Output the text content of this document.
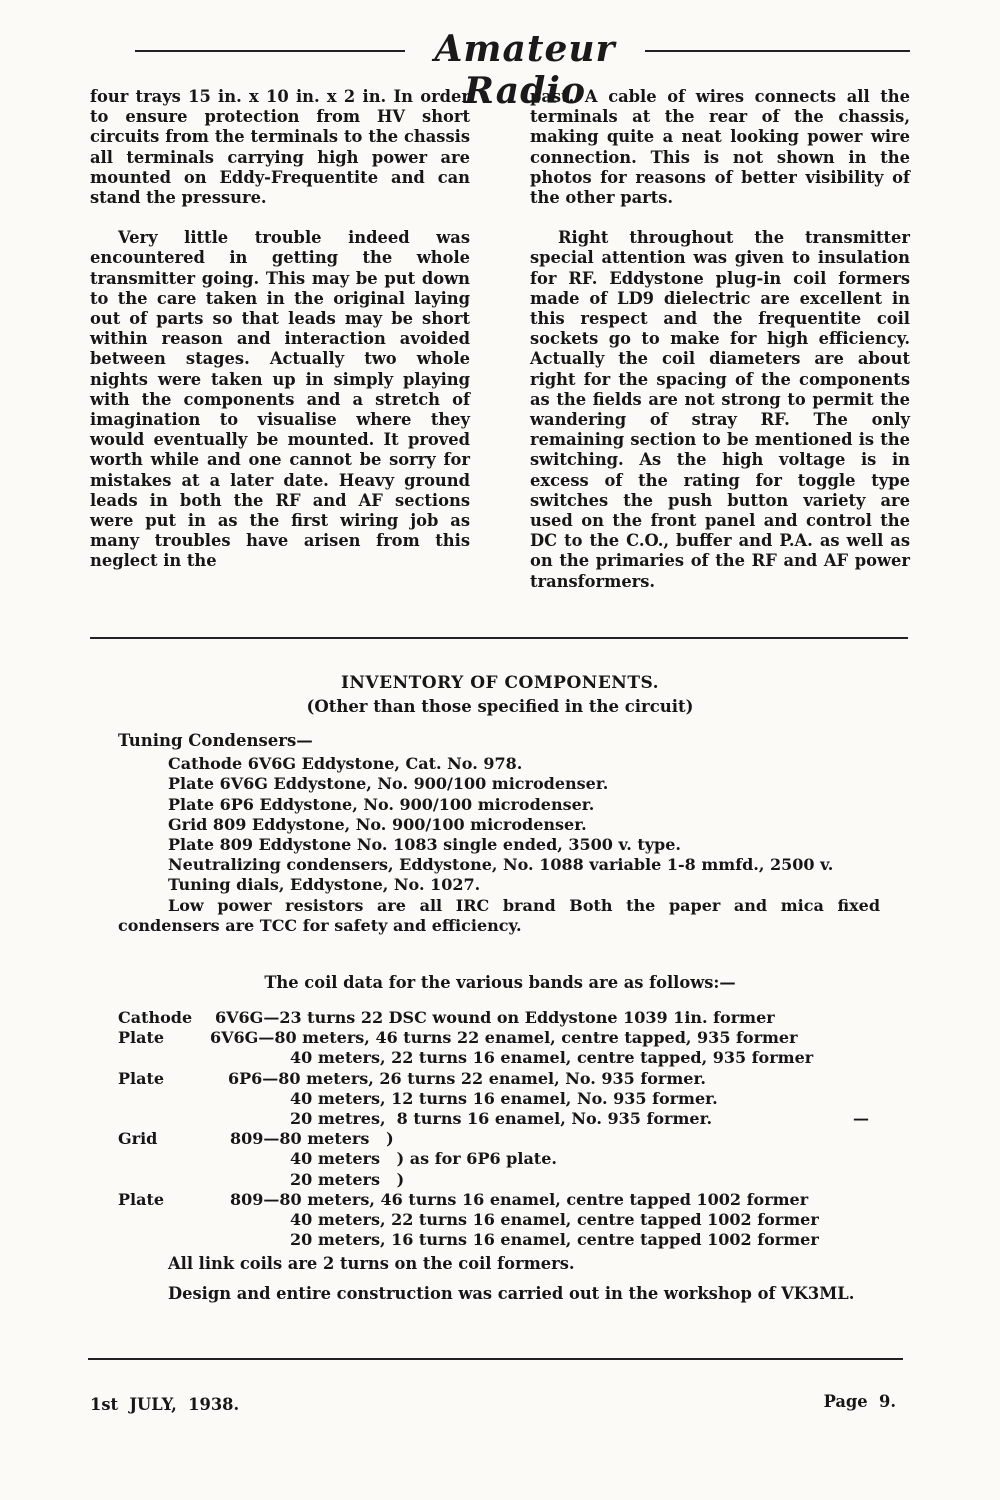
Amateur Radio

four trays 15 in. x 10 in. x 2 in. In order to ensure protection from HV short circuits from the terminals to the chassis all terminals carrying high power are mounted on Eddy-Frequentite and can stand the pressure.

Very little trouble indeed was encountered in getting the whole transmitter going. This may be put down to the care taken in the original laying out of parts so that leads may be short within reason and interaction avoided between stages. Actually two whole nights were taken up in simply playing with the components and a stretch of imagination to visualise where they would eventually be mounted. It proved worth while and one cannot be sorry for mistakes at a later date. Heavy ground leads in both the RF and AF sections were put in as the first wiring job as many troubles have arisen from this neglect in the

past. A cable of wires connects all the terminals at the rear of the chassis, making quite a neat looking power wire connection. This is not shown in the photos for reasons of better visibility of the other parts.

Right throughout the transmitter special attention was given to insulation for RF. Eddystone plug-in coil formers made of LD9 dielectric are excellent in this respect and the frequentite coil sockets go to make for high efficiency. Actually the coil diameters are about right for the spacing of the components as the fields are not strong to permit the wandering of stray RF. The only remaining section to be mentioned is the switching. As the high voltage is in excess of the rating for toggle type switches the push button variety are used on the front panel and control the DC to the C.O., buffer and P.A. as well as on the primaries of the RF and AF power transformers.

INVENTORY OF COMPONENTS.
(Other than those specified in the circuit)

Tuning Condensers—

Cathode 6V6G Eddystone, Cat. No. 978.

Plate 6V6G Eddystone, No. 900/100 microdenser.

Plate 6P6 Eddystone, No. 900/100 microdenser.

Grid 809 Eddystone, No. 900/100 microdenser.

Plate 809 Eddystone No. 1083 single ended, 3500 v. type.

Neutralizing condensers, Eddystone, No. 1088 variable 1-8 mmfd., 2500 v.

Tuning dials, Eddystone, No. 1027.

Low power resistors are all IRC brand Both the paper and mica fixed condensers are TCC for safety and efficiency.

The coil data for the various bands are as follows:—
Cathode 6V6G—23 turns 22 DSC wound on Eddystone 1039 1in. former
Plate	6V6G—80 meters, 46 turns 22 enamel, centre tapped, 935 former
40 meters, 22 turns 16 enamel, centre tapped, 935 former
Plate	6P6—80 meters, 26 turns 22 enamel, No. 935 former.
40 meters, 12 turns 16 enamel, No. 935 former.
20 metres,  8 turns 16 enamel, No. 935 former.	—
Grid	809—80 meters   )
40 meters   ) as for 6P6 plate.
20 meters   )
Plate	809—80 meters, 46 turns 16 enamel, centre tapped 1002 former
40 meters, 22 turns 16 enamel, centre tapped 1002 former
20 meters, 16 turns 16 enamel, centre tapped 1002 former
All link coils are 2 turns on the coil formers.
Design and entire construction was carried out in the workshop of VK3ML.
1st  JULY,  1938.	Page  9.
